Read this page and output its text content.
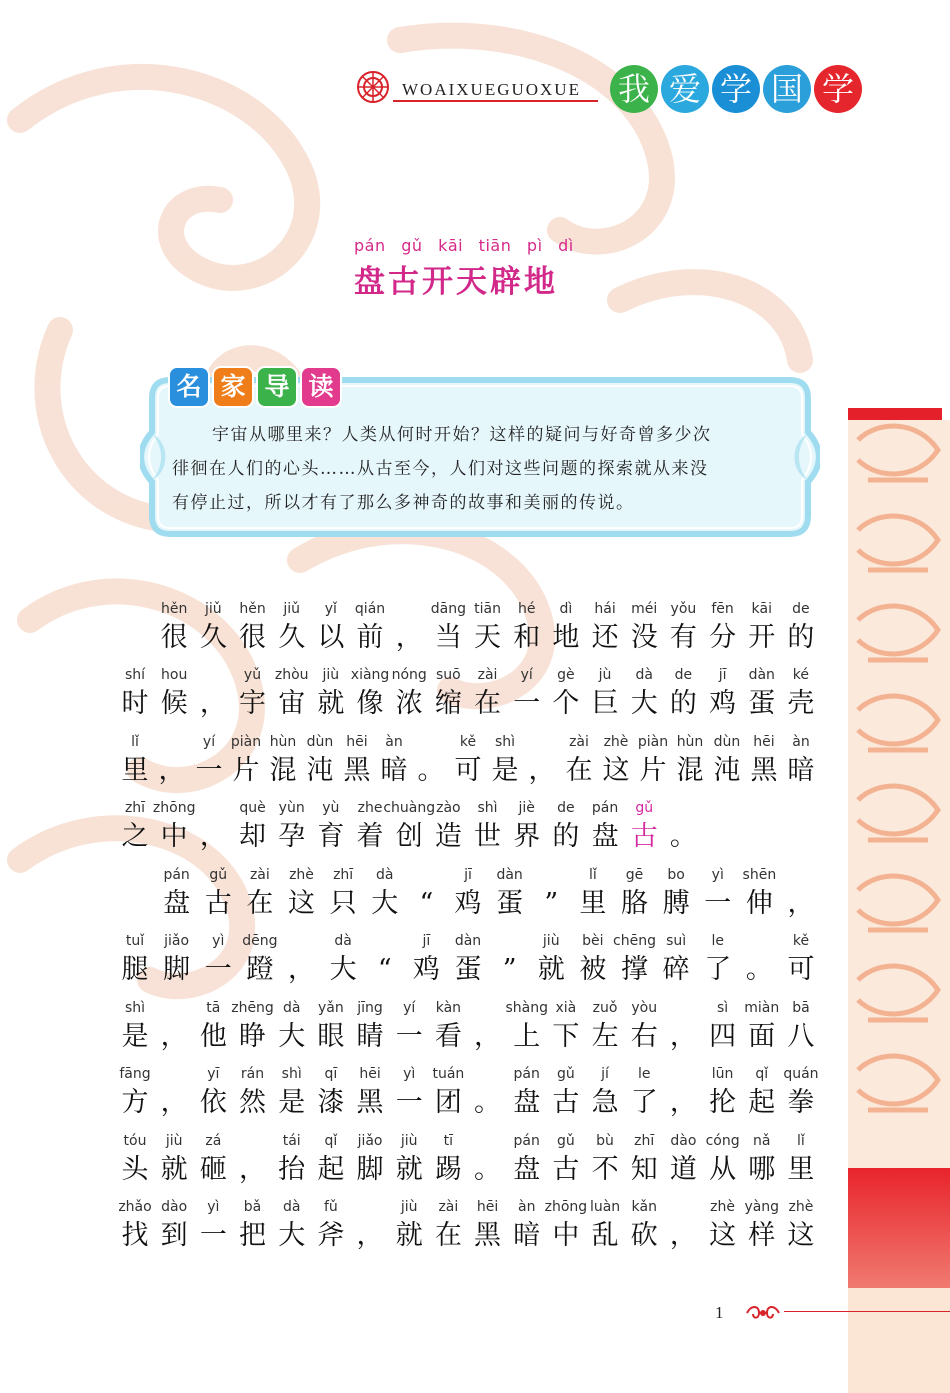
WOAIXUEGUOXUE 我 爱 学 国 学
pán gǔ kāi tiān pì dì
盘古开天辟地
名 家 导 读
宇宙从哪里来？人类从何时开始？这样的疑问与好奇曾多少次
徘徊在人们的心头……从古至今，人们对这些问题的探索就从来没
有停止过，所以才有了那么多神奇的故事和美丽的传说。
hěn
很
jiǔ
久
hěn
很
jiǔ
久
yǐ
以
qián
前 ，
dāng
当
tiān
天
hé
和
dì
地
hái
还
méi
没
yǒu
有
fēn
分
kāi
开
de
的
shí
时
hou
候 ，
yǔ
宇
zhòu
宙
jiù
就
xiàng
像
nóng
浓
suō
缩
zài
在
yí
一
gè
个
jù
巨
dà
大
de
的
jī
鸡
dàn
蛋
ké
壳
lǐ
里 ，
yí
一
piàn
片
hùn
混
dùn
沌
hēi
黑
àn
暗 。
kě
可
shì
是 ，
zài
在
zhè
这
piàn
片
hùn
混
dùn
沌
hēi
黑
àn
暗
zhī
之
zhōng
中 ，
què
却
yùn
孕
yù
育
zhe
着
chuàng
创
zào
造
shì
世
jiè
界
de
的
pán
盘
gǔ
古 。
pán
盘
gǔ
古
zài
在
zhè
这
zhī
只
dà
大 “
jī
鸡
dàn
蛋 ”
lǐ
里
gē
胳
bo
膊
yì
一
shēn
伸 ，
tuǐ
腿
jiǎo
脚
yì
一
dēng
蹬 ，
dà
大 “
jī
鸡
dàn
蛋 ”
jiù
就
bèi
被
chēng
撑
suì
碎
le
了 。
kě
可
shì
是 ，
tā
他
zhēng
睁
dà
大
yǎn
眼
jīng
睛
yí
一
kàn
看 ，
shàng
上
xià
下
zuǒ
左
yòu
右 ，
sì
四
miàn
面
bā
八
fāng
方 ，
yī
依
rán
然
shì
是
qī
漆
hēi
黑
yì
一
tuán
团 。
pán
盘
gǔ
古
jí
急
le
了 ，
lūn
抡
qǐ
起
quán
拳
tóu
头
jiù
就
zá
砸 ，
tái
抬
qǐ
起
jiǎo
脚
jiù
就
tī
踢 。
pán
盘
gǔ
古
bù
不
zhī
知
dào
道
cóng
从
nǎ
哪
lǐ
里
zhǎo
找
dào
到
yì
一
bǎ
把
dà
大
fǔ
斧 ，
jiù
就
zài
在
hēi
黑
àn
暗
zhōng
中
luàn
乱
kǎn
砍 ，
zhè
这
yàng
样
zhè
这
1
